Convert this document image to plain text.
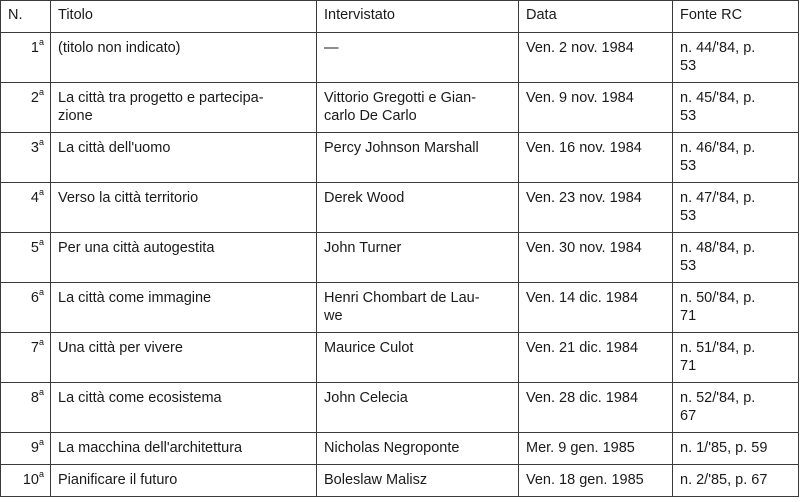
N.	Titolo	Intervistato	Data	Fonte RC
1$^a$	(titolo non indicato)	—	Ven. 2 nov. 1984	n. 44/'84, p.
53
2$^a$	La città tra progetto e partecipa-
zione	Vittorio Gregotti e Gian-
carlo De Carlo	Ven. 9 nov. 1984	n. 45/'84, p.
53
3$^a$	La città dell'uomo	Percy Johnson Marshall	Ven. 16 nov. 1984	n. 46/'84, p.
53
4$^a$	Verso la città territorio	Derek Wood	Ven. 23 nov. 1984	n. 47/'84, p.
53
5$^a$	Per una città autogestita	John Turner	Ven. 30 nov. 1984	n. 48/'84, p.
53
6$^a$	La città come immagine	Henri Chombart de Lau-
we	Ven. 14 dic. 1984	n. 50/'84, p.
71
7$^a$	Una città per vivere	Maurice Culot	Ven. 21 dic. 1984	n. 51/'84, p.
71
8$^a$	La città come ecosistema	John Celecia	Ven. 28 dic. 1984	n. 52/'84, p.
67
9$^a$	La macchina dell'architettura	Nicholas Negroponte	Mer. 9 gen. 1985	n. 1/'85, p. 59
10$^a$	Pianificare il futuro	Boleslaw Malisz	Ven. 18 gen. 1985	n. 2/'85, p. 67
